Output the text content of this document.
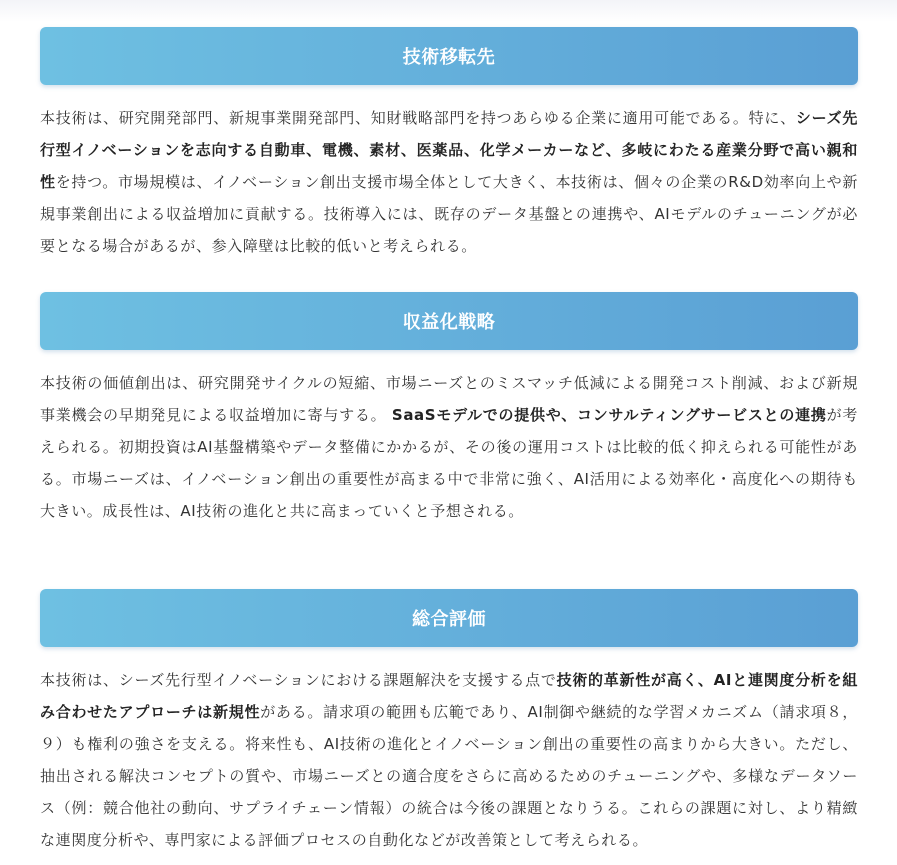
技術移転先

本技術は、研究開発部門、新規事業開発部門、知財戦略部門を持つあらゆる企業に適用可能である。特に、シーズ先行型イノベーションを志向する自動車、電機、素材、医薬品、化学メーカーなど、多岐にわたる産業分野で高い親和性を持つ。市場規模は、イノベーション創出支援市場全体として大きく、本技術は、個々の企業のR&D効率向上や新規事業創出による収益増加に貢献する。技術導入には、既存のデータ基盤との連携や、AIモデルのチューニングが必要となる場合があるが、参入障壁は比較的低いと考えられる。

収益化戦略

本技術の価値創出は、研究開発サイクルの短縮、市場ニーズとのミスマッチ低減による開発コスト削減、および新規事業機会の早期発見による収益増加に寄与する。 SaaSモデルでの提供や、コンサルティングサービスとの連携が考えられる。初期投資はAI基盤構築やデータ整備にかかるが、その後の運用コストは比較的低く抑えられる可能性がある。市場ニーズは、イノベーション創出の重要性が高まる中で非常に強く、AI活用による効率化・高度化への期待も大きい。成長性は、AI技術の進化と共に高まっていくと予想される。

総合評価

本技術は、シーズ先行型イノベーションにおける課題解決を支援する点で技術的革新性が高く、AIと連関度分析を組み合わせたアプローチは新規性がある。請求項の範囲も広範であり、AI制御や継続的な学習メカニズム（請求項８，９）も権利の強さを支える。将来性も、AI技術の進化とイノベーション創出の重要性の高まりから大きい。ただし、抽出される解決コンセプトの質や、市場ニーズとの適合度をさらに高めるためのチューニングや、多様なデータソース（例：競合他社の動向、サプライチェーン情報）の統合は今後の課題となりうる。これらの課題に対し、より精緻な連関度分析や、専門家による評価プロセスの自動化などが改善策として考えられる。
